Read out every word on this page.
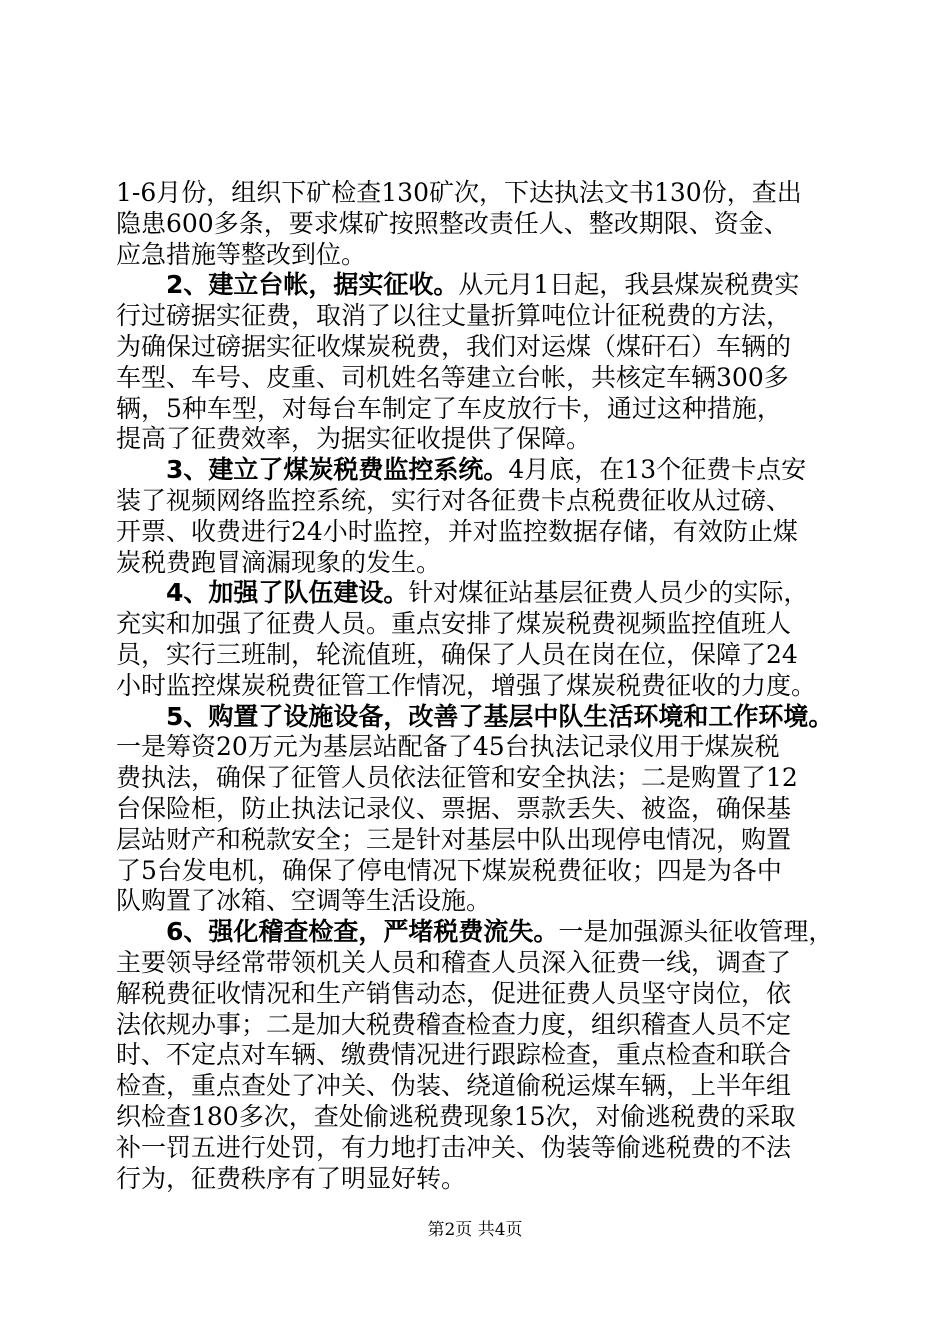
1-6月份，组织下矿检查130矿次，下达执法文书130份，查出
隐患600多条，要求煤矿按照整改责任人、整改期限、资金、
应急措施等整改到位。
2、建立台帐，据实征收。从元月1日起，我县煤炭税费实
行过磅据实征费，取消了以往丈量折算吨位计征税费的方法，
为确保过磅据实征收煤炭税费，我们对运煤（煤矸石）车辆的
车型、车号、皮重、司机姓名等建立台帐，共核定车辆300多
辆，5种车型，对每台车制定了车皮放行卡，通过这种措施，
提高了征费效率，为据实征收提供了保障。
3、建立了煤炭税费监控系统。4月底，在13个征费卡点安
装了视频网络监控系统，实行对各征费卡点税费征收从过磅、
开票、收费进行24小时监控，并对监控数据存储，有效防止煤
炭税费跑冒滴漏现象的发生。
4、加强了队伍建设。针对煤征站基层征费人员少的实际，
充实和加强了征费人员。重点安排了煤炭税费视频监控值班人
员，实行三班制，轮流值班，确保了人员在岗在位，保障了24
小时监控煤炭税费征管工作情况，增强了煤炭税费征收的力度。
5、购置了设施设备，改善了基层中队生活环境和工作环境。
一是筹资20万元为基层站配备了45台执法记录仪用于煤炭税
费执法，确保了征管人员依法征管和安全执法；二是购置了12
台保险柜，防止执法记录仪、票据、票款丢失、被盗，确保基
层站财产和税款安全；三是针对基层中队出现停电情况，购置
了5台发电机，确保了停电情况下煤炭税费征收；四是为各中
队购置了冰箱、空调等生活设施。
6、强化稽查检查，严堵税费流失。一是加强源头征收管理，
主要领导经常带领机关人员和稽查人员深入征费一线，调查了
解税费征收情况和生产销售动态，促进征费人员坚守岗位，依
法依规办事；二是加大税费稽查检查力度，组织稽查人员不定
时、不定点对车辆、缴费情况进行跟踪检查，重点检查和联合
检查，重点查处了冲关、伪装、绕道偷税运煤车辆，上半年组
织检查180多次，查处偷逃税费现象15次，对偷逃税费的采取
补一罚五进行处罚，有力地打击冲关、伪装等偷逃税费的不法
行为，征费秩序有了明显好转。
第2页 共4页
